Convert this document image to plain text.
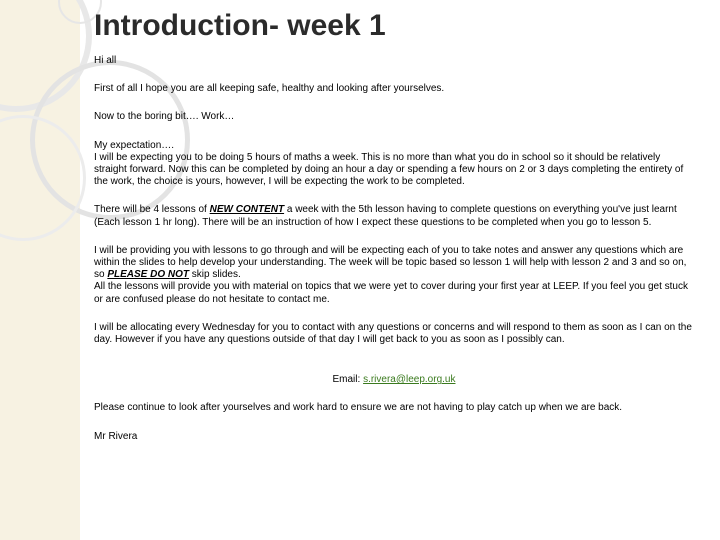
Introduction- week 1

Hi all

First of all I hope you are all keeping safe, healthy and looking after yourselves.

Now to the boring bit…. Work…

My expectation….

I will be expecting you to be doing 5 hours of maths a week. This is no more than what you do in school so it should be relatively straight forward. Now this can be completed by doing an hour a day or spending a few hours on 2 or 3 days completing the entirety of the work, the choice is yours, however, I will be expecting the work to be completed.

There will be 4 lessons of NEW CONTENT a week with the 5th lesson having to complete questions on everything you've just learnt (Each lesson 1 hr long). There will be an instruction of how I expect these questions to be completed when you go to lesson 5.

I will be providing you with lessons to go through and will be expecting each of you to take notes and answer any questions which are within the slides to help develop your understanding. The week will be topic based so lesson 1 will help with lesson 2 and 3 and so on, so PLEASE DO NOT skip slides.

All the lessons will provide you with material on topics that we were yet to cover during your first year at LEEP. If you feel you get stuck or are confused please do not hesitate to contact me.

I will be allocating every Wednesday for you to contact with any questions or concerns and will respond to them as soon as I can on the day. However if you have any questions outside of that day I will get back to you as soon as I possibly can.

Email: s.rivera@leep.org.uk

Please continue to look after yourselves and work hard to ensure we are not having to play catch up when we are back.

Mr Rivera
